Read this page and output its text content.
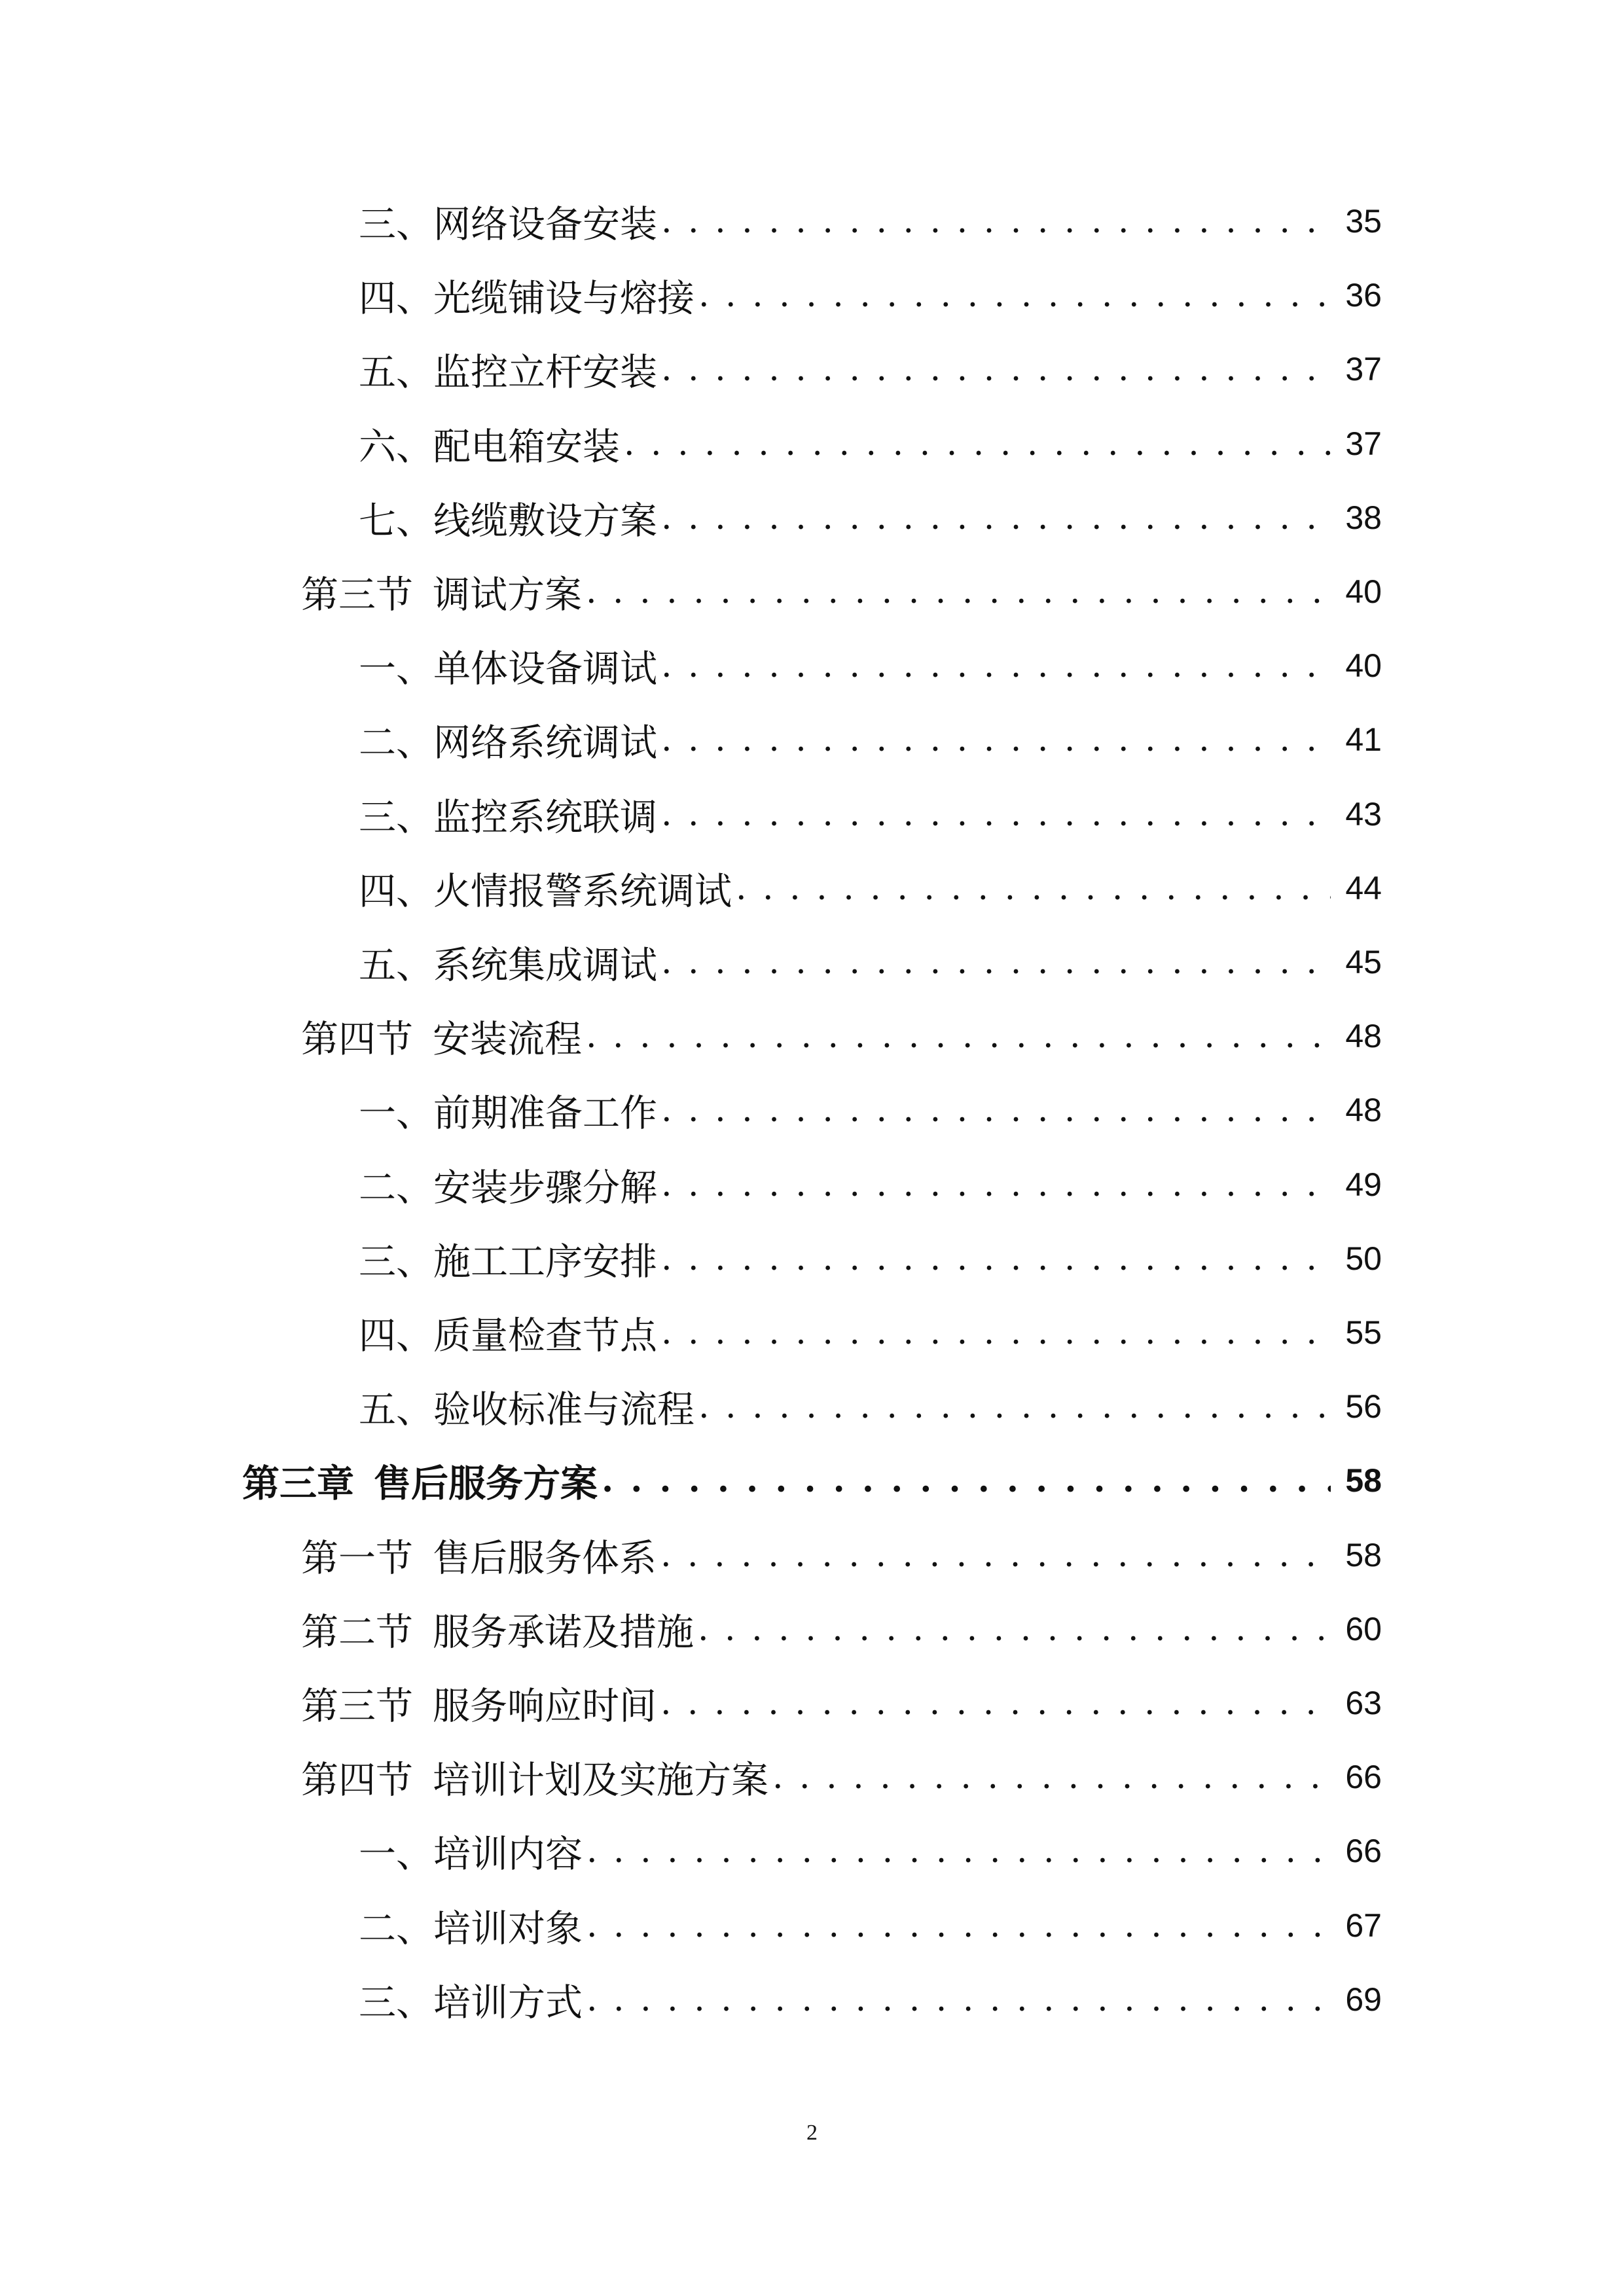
三、 网络设备安装 . . .	35
四、 光缆铺设与熔接 . . .	36
五、 监控立杆安装 . . .	37
六、 配电箱安装 . . .	37
七、 线缆敷设方案 . . .	38
第三节 调试方案 . . .	40
一、 单体设备调试 . . .	40
二、 网络系统调试 . . .	41
三、 监控系统联调 . . .	43
四、 火情报警系统调试 . . .	44
五、 系统集成调试 . . .	45
第四节 安装流程 . . .	48
一、 前期准备工作 . . .	48
二、 安装步骤分解 . . .	49
三、 施工工序安排 . . .	50
四、 质量检查节点 . . .	55
五、 验收标准与流程 . . .	56
第三章 售后服务方案 . . .	58
第一节 售后服务体系 . . .	58
第二节 服务承诺及措施 . . .	60
第三节 服务响应时间 . . .	63
第四节 培训计划及实施方案 . . .	66
一、 培训内容 . . .	66
二、 培训对象 . . .	67
三、 培训方式 . . .	69
2
